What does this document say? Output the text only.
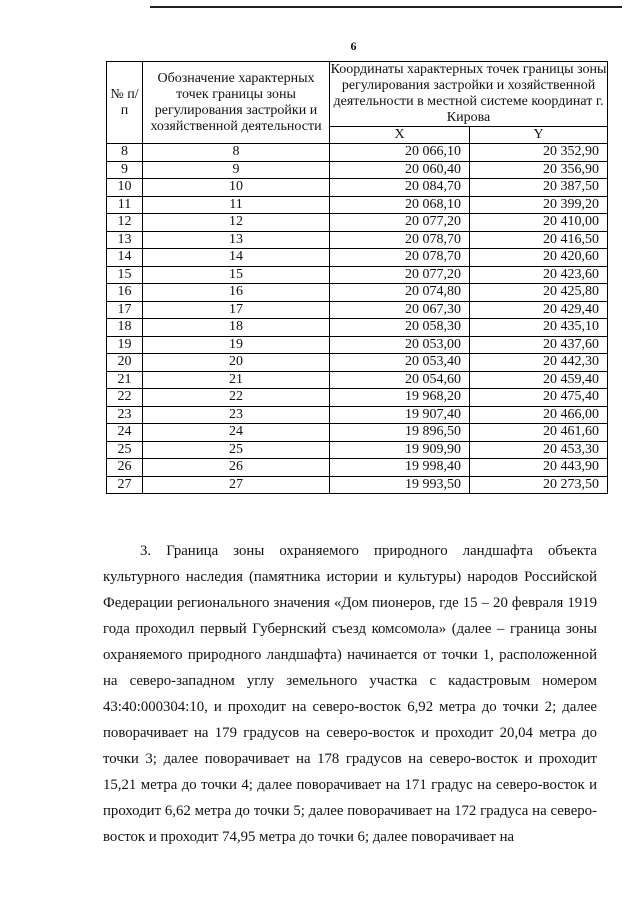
6
№ п/п	Обозначение характерных точек границы зоны регулирования застройки и хозяйственной деятельности	Координаты характерных точек границы зоны регулирования застройки и хозяйственной деятельности в местной системе координат г. Кирова	
		X	Y
8	8	20 066,10	20 352,90
9	9	20 060,40	20 356,90
10	10	20 084,70	20 387,50
11	11	20 068,10	20 399,20
12	12	20 077,20	20 410,00
13	13	20 078,70	20 416,50
14	14	20 078,70	20 420,60
15	15	20 077,20	20 423,60
16	16	20 074,80	20 425,80
17	17	20 067,30	20 429,40
18	18	20 058,30	20 435,10
19	19	20 053,00	20 437,60
20	20	20 053,40	20 442,30
21	21	20 054,60	20 459,40
22	22	19 968,20	20 475,40
23	23	19 907,40	20 466,00
24	24	19 896,50	20 461,60
25	25	19 909,90	20 453,30
26	26	19 998,40	20 443,90
27	27	19 993,50	20 273,50
3. Граница зоны охраняемого природного ландшафта объекта культурного наследия (памятника истории и культуры) народов Российской Федерации регионального значения «Дом пионеров, где 15 – 20 февраля 1919 года проходил первый Губернский съезд комсомола» (далее – граница зоны охраняемого природного ландшафта) начинается от точки 1, расположенной на северо-западном углу земельного участка с кадастровым номером 43:40:000304:10, и проходит на северо-восток 6,92 метра до точки 2; далее поворачивает на 179 градусов на северо-восток и проходит 20,04 метра до точки 3; далее поворачивает на 178 градусов на северо-восток и проходит 15,21 метра до точки 4; далее поворачивает на 171 градус на северо-восток и проходит 6,62 метра до точки 5; далее поворачивает на 172 градуса на северо-восток и проходит 74,95 метра до точки 6; далее поворачивает на
